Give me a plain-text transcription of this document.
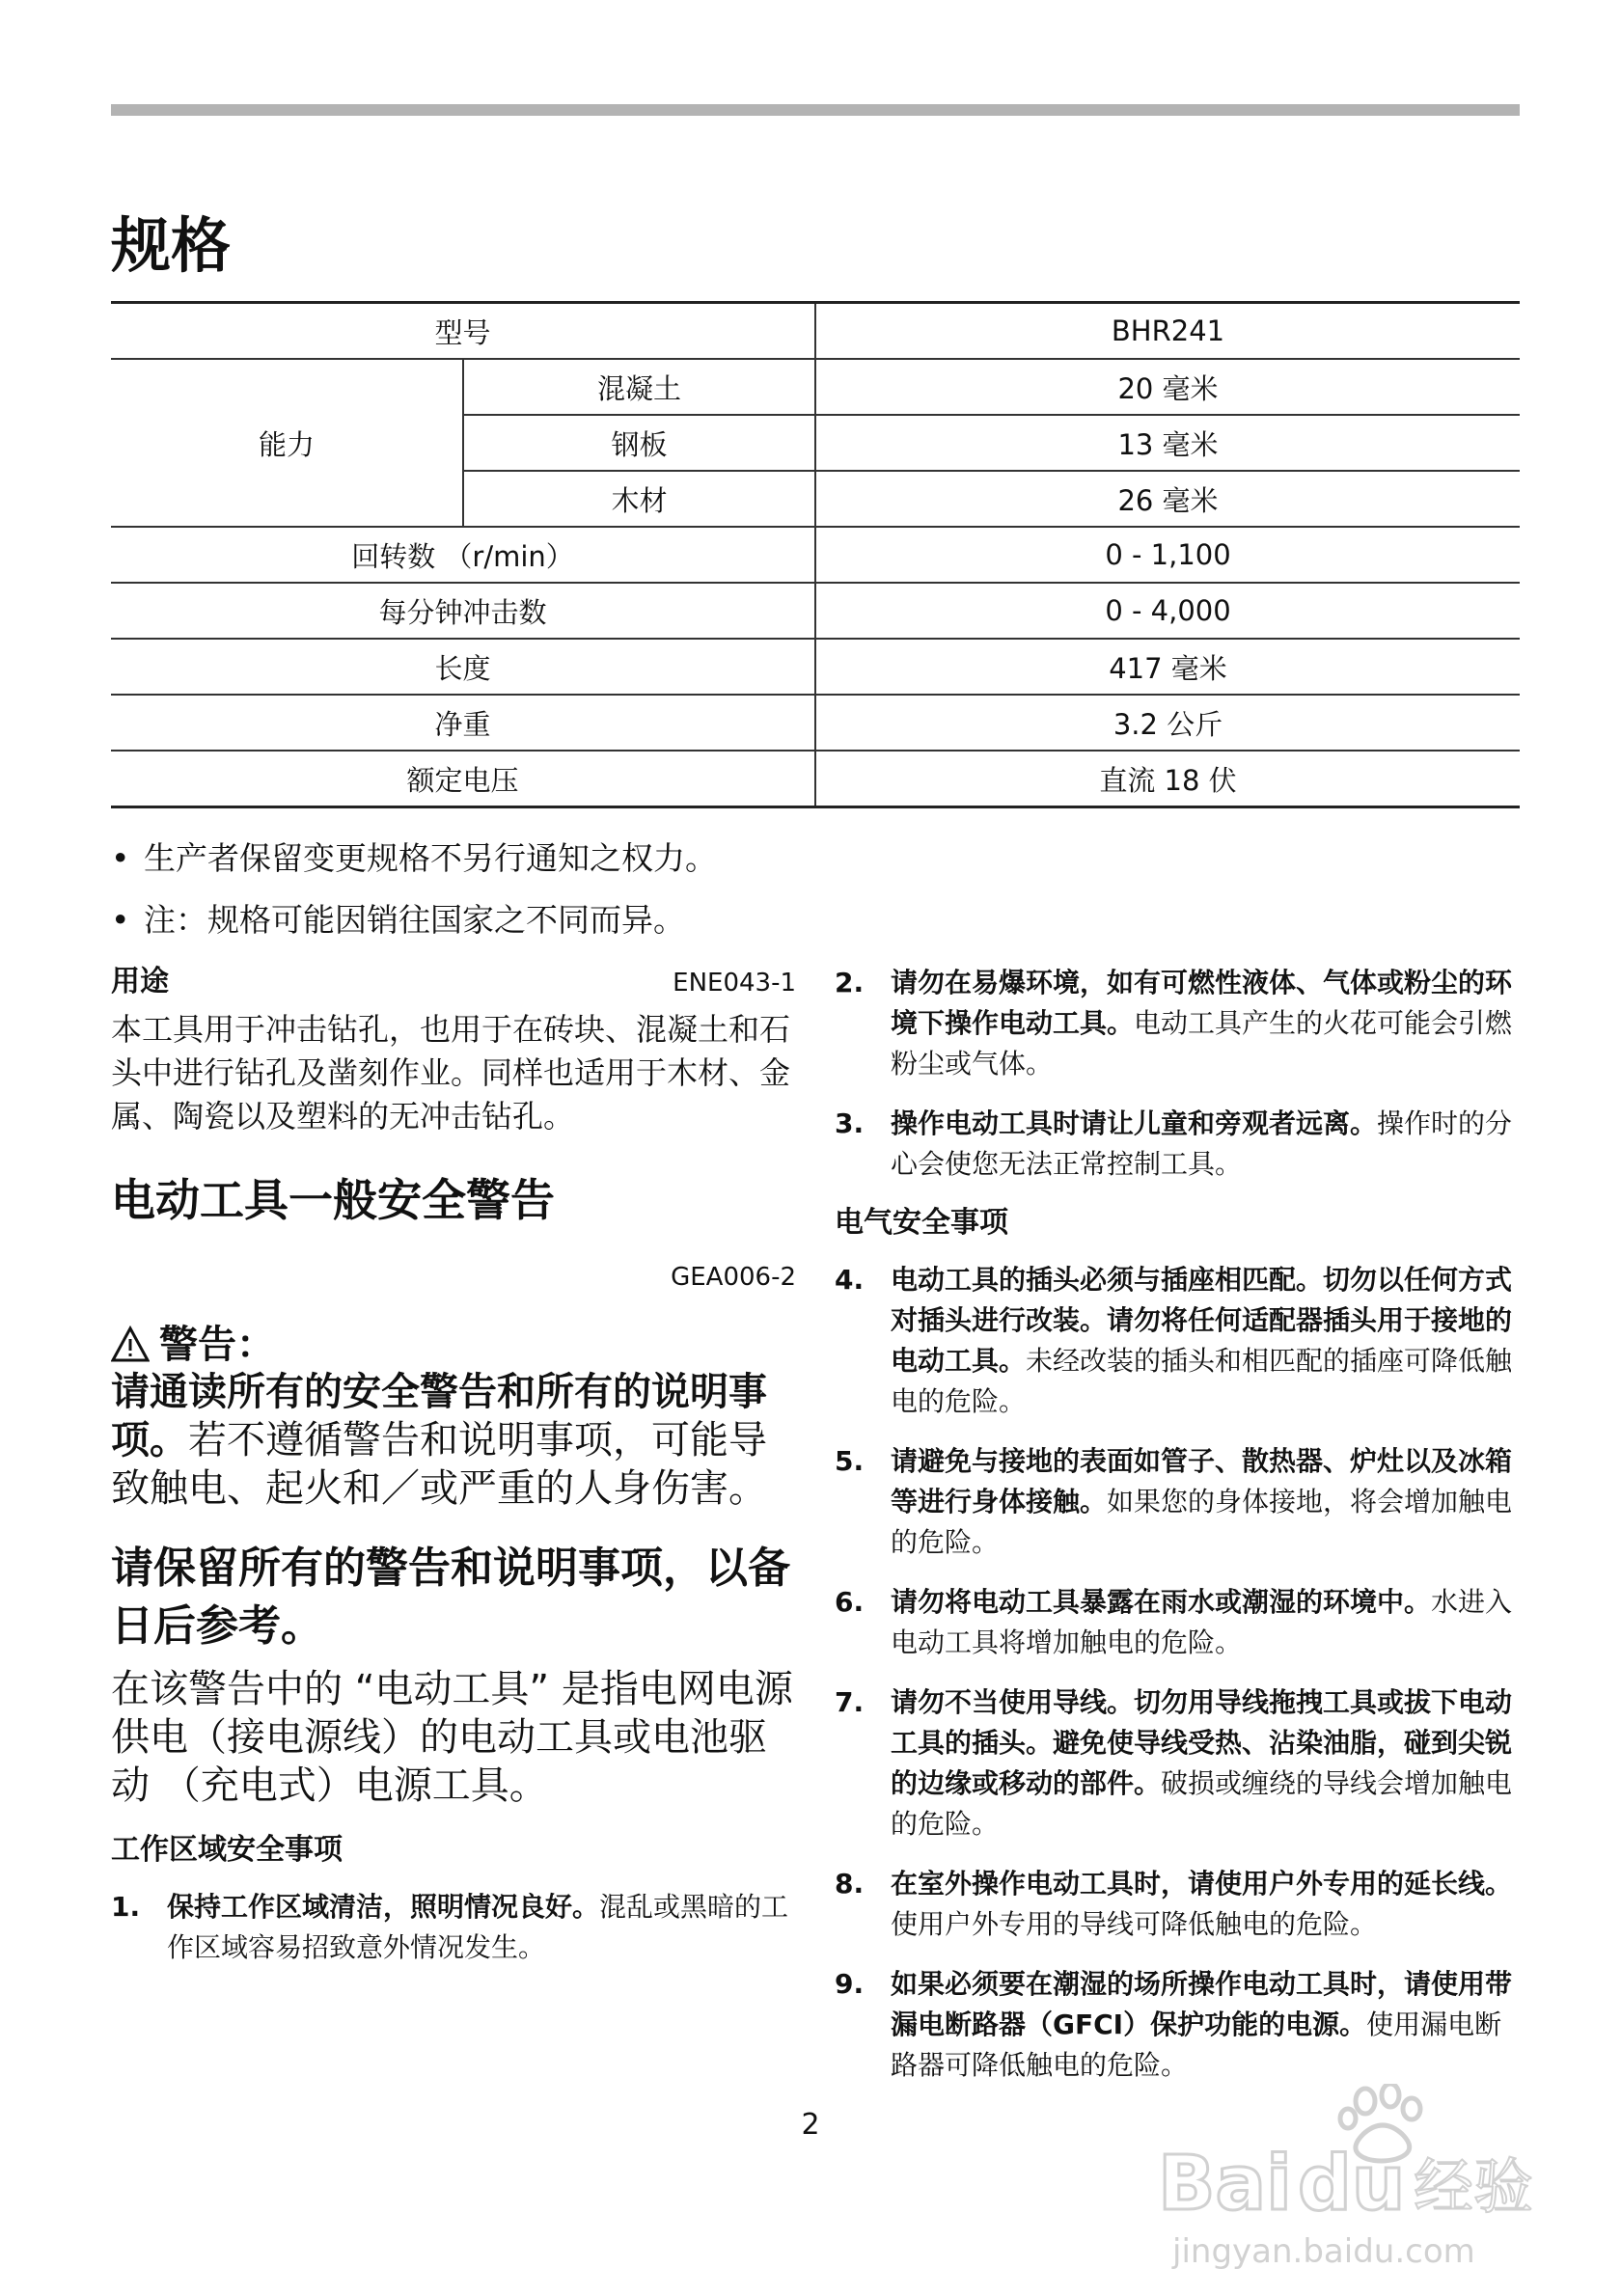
规格
型号		BHR241
能力	混凝土	20 毫米
	钢板	13 毫米
	木材	26 毫米
回转数 （r/min）		0 - 1,100
每分钟冲击数		0 - 4,000
长度		417 毫米
净重		3.2 公斤
额定电压		直流 18 伏
• 生产者保留变更规格不另行通知之权力。
• 注：规格可能因销往国家之不同而异。
用途	ENE043-1

本工具用于冲击钻孔，也用于在砖块、混凝土和石头中进行钻孔及凿刻作业。同样也适用于木材、金属、陶瓷以及塑料的无冲击钻孔。

电动工具一般安全警告
GEA006-2
警告：

请通读所有的安全警告和所有的说明事项。若不遵循警告和说明事项，可能导致触电、起火和／或严重的人身伤害。

请保留所有的警告和说明事项，以备日后参考。

在该警告中的 “电动工具” 是指电网电源供电（接电源线）的电动工具或电池驱动 （充电式）电源工具。

工作区域安全事项
1. 保持工作区域清洁，照明情况良好。混乱或黑暗的工作区域容易招致意外情况发生。
2. 请勿在易爆环境，如有可燃性液体、气体或粉尘的环境下操作电动工具。电动工具产生的火花可能会引燃粉尘或气体。
3. 操作电动工具时请让儿童和旁观者远离。操作时的分心会使您无法正常控制工具。
电气安全事项
4. 电动工具的插头必须与插座相匹配。切勿以任何方式对插头进行改装。请勿将任何适配器插头用于接地的电动工具。未经改装的插头和相匹配的插座可降低触电的危险。
5. 请避免与接地的表面如管子、散热器、炉灶以及冰箱等进行身体接触。如果您的身体接地，将会增加触电的危险。
6. 请勿将电动工具暴露在雨水或潮湿的环境中。水进入电动工具将增加触电的危险。
7. 请勿不当使用导线。切勿用导线拖拽工具或拔下电动工具的插头。避免使导线受热、沾染油脂，碰到尖锐的边缘或移动的部件。破损或缠绕的导线会增加触电的危险。
8. 在室外操作电动工具时，请使用户外专用的延长线。使用户外专用的导线可降低触电的危险。
9. 如果必须要在潮湿的场所操作电动工具时，请使用带漏电断路器（GFCI）保护功能的电源。使用漏电断路器可降低触电的危险。
2
Bai du 经验
jingyan.baidu.com
